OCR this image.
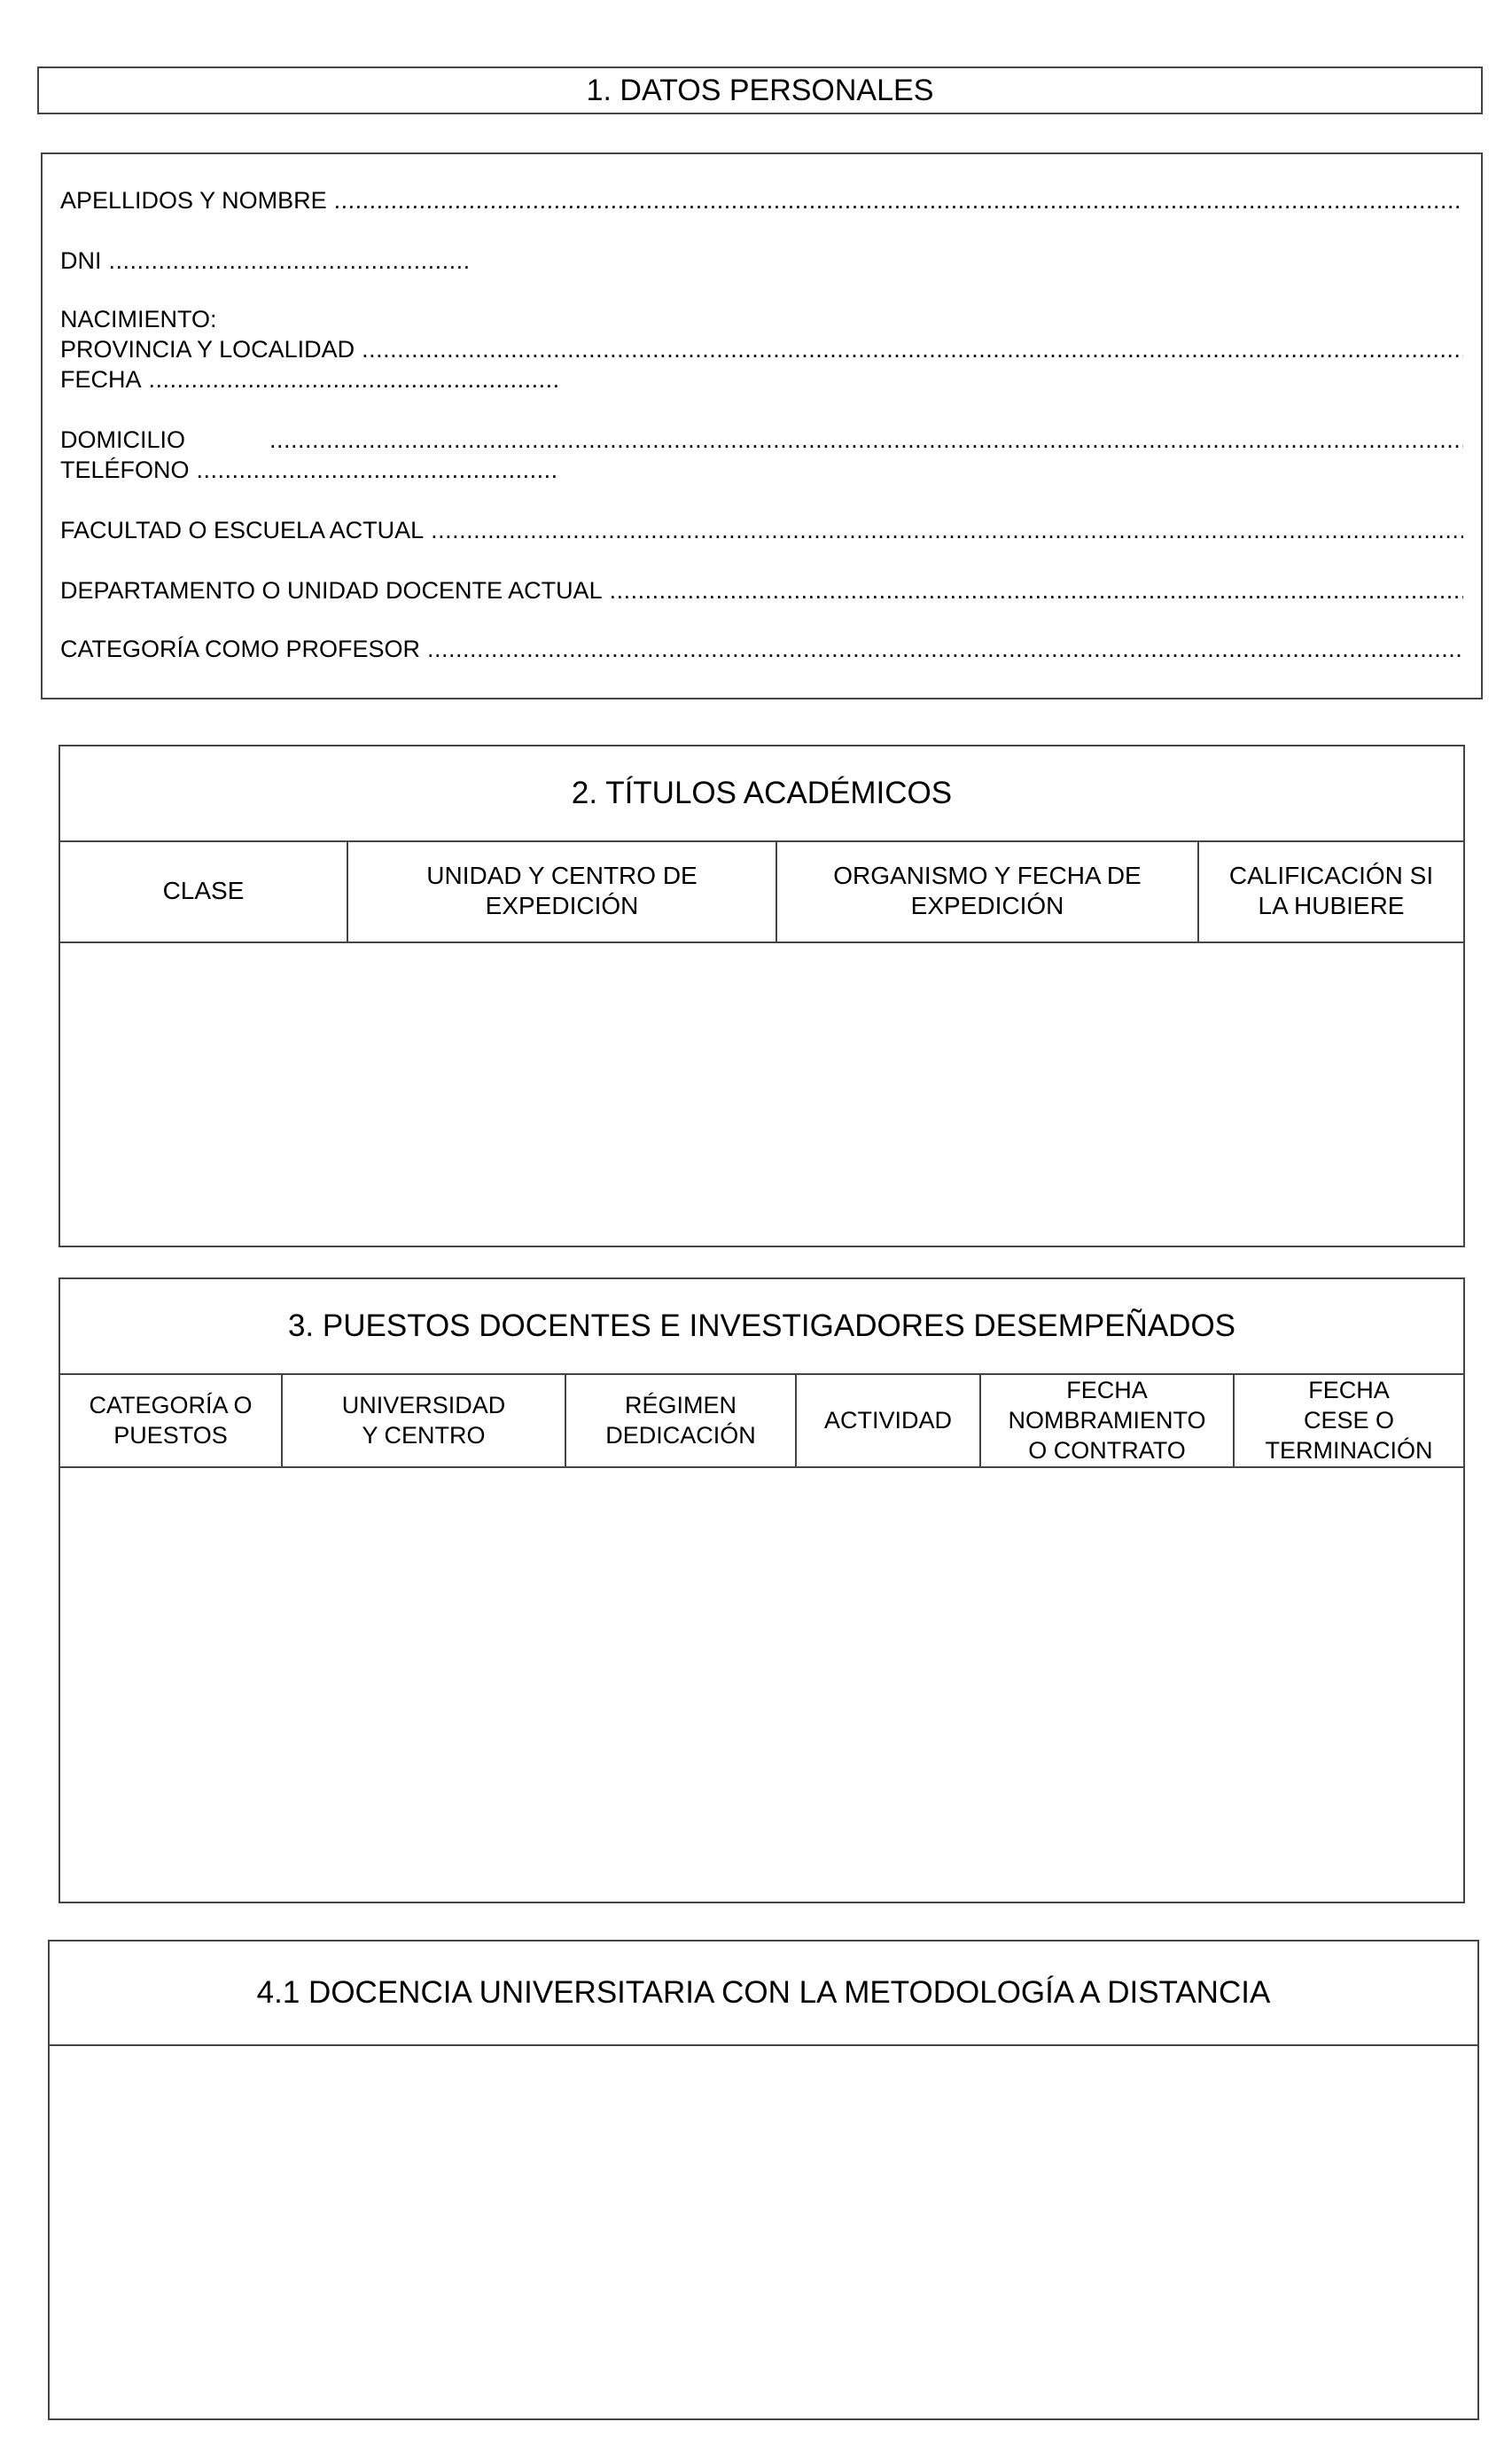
1. DATOS PERSONALES
APELLIDOS Y NOMBRE
.....
DNI
.....
NACIMIENTO:
PROVINCIA Y LOCALIDAD
.....
FECHA
.....
DOMICILIO
.....
TELÉFONO
.....
FACULTAD O ESCUELA ACTUAL
.....
DEPARTAMENTO O UNIDAD DOCENTE ACTUAL
.....
CATEGORÍA COMO PROFESOR
.....
2. TÍTULOS ACADÉMICOS
CLASE
UNIDAD Y CENTRO DE
EXPEDICIÓN
ORGANISMO Y FECHA DE
EXPEDICIÓN
CALIFICACIÓN SI
LA HUBIERE
3. PUESTOS DOCENTES E INVESTIGADORES DESEMPEÑADOS
CATEGORÍA O
PUESTOS
UNIVERSIDAD
Y CENTRO
RÉGIMEN
DEDICACIÓN
ACTIVIDAD
FECHA
NOMBRAMIENTO
O CONTRATO
FECHA
CESE O
TERMINACIÓN
4.1 DOCENCIA UNIVERSITARIA CON LA METODOLOGÍA A DISTANCIA
